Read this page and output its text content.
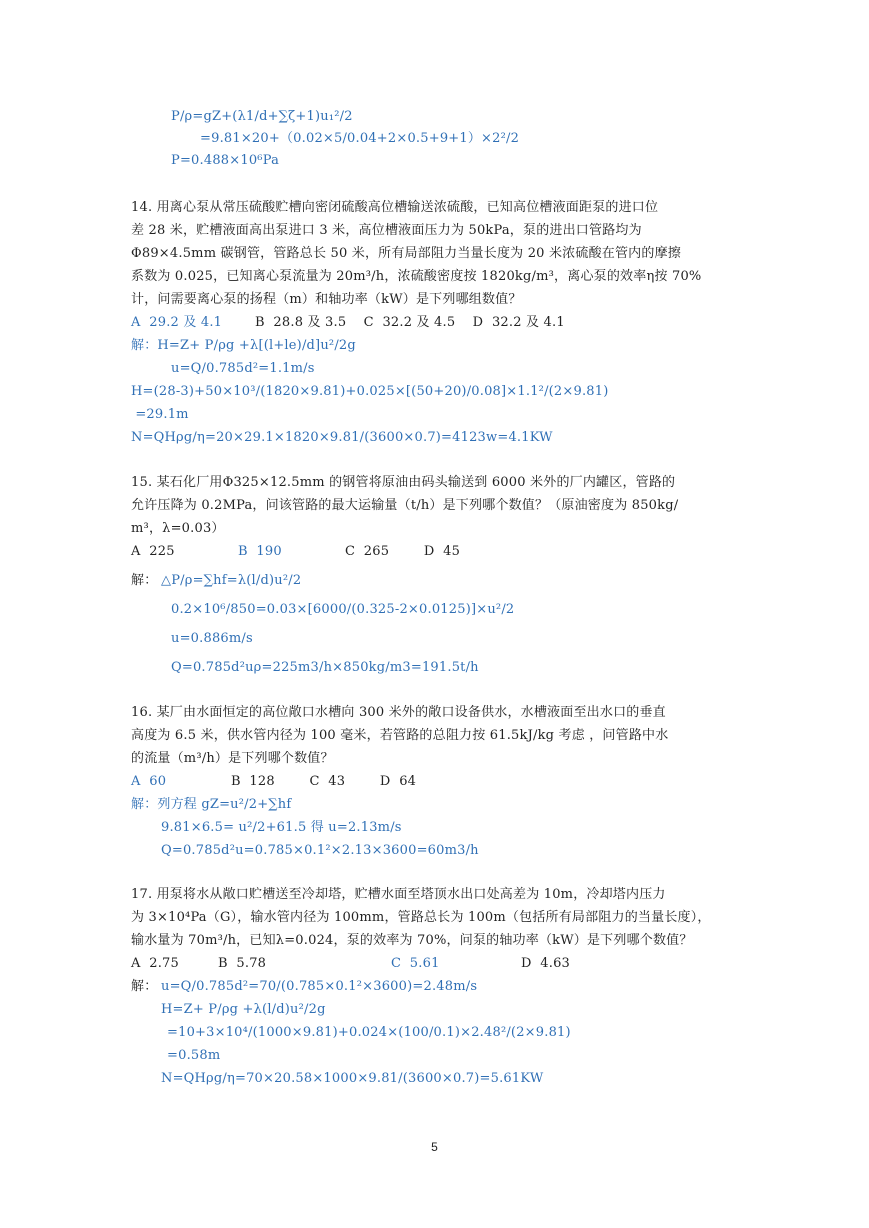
P/ρ=gZ+(λ1/d+∑ζ+1)u₁²/2
=9.81×20+（0.02×5/0.04+2×0.5+9+1）×2²/2
P=0.488×10⁶Pa
14. 用离心泵从常压硫酸贮槽向密闭硫酸高位槽输送浓硫酸，已知高位槽液面距泵的进口位
差 28 米，贮槽液面高出泵进口 3 米，高位槽液面压力为 50kPa，泵的进出口管路均为
Φ89×4.5mm 碳钢管，管路总长 50 米，所有局部阻力当量长度为 20 米浓硫酸在管内的摩擦
系数为 0.025，已知离心泵流量为 20m³/h，浓硫酸密度按 1820kg/m³，离心泵的效率η按 70%
计，问需要离心泵的扬程（m）和轴功率（kW）是下列哪组数值？
A  29.2 及 4.1	B  28.8 及 3.5    C  32.2 及 4.5    D  32.2 及 4.1
解：H=Z+ P/ρg +λ[(l+le)/d]u²/2g
u=Q/0.785d²=1.1m/s
H=(28-3)+50×10³/(1820×9.81)+0.025×[(50+20)/0.08]×1.1²/(2×9.81)
=29.1m
N=QHρg/η=20×29.1×1820×9.81/(3600×0.7)=4123w=4.1KW
15. 某石化厂用Φ325×12.5mm 的钢管将原油由码头输送到 6000 米外的厂内罐区，管路的
允许压降为 0.2MPa，问该管路的最大运输量（t/h）是下列哪个数值？（原油密度为 850kg/
m³，λ=0.03）
A  225	B  190	C  265        D  45
解： △P/ρ=∑hf=λ(l/d)u²/2
0.2×10⁶/850=0.03×[6000/(0.325-2×0.0125)]×u²/2
u=0.886m/s
Q=0.785d²uρ=225m3/h×850kg/m3=191.5t/h
16. 某厂由水面恒定的高位敞口水槽向 300 米外的敞口设备供水，水槽液面至出水口的垂直
高度为 6.5 米，供水管内径为 100 毫米，若管路的总阻力按 61.5kJ/kg 考虑 ，问管路中水
的流量（m³/h）是下列哪个数值？
A  60	B  128        C  43        D  64
解：列方程 gZ=u²/2+∑hf
9.81×6.5= u²/2+61.5 得 u=2.13m/s
Q=0.785d²u=0.785×0.1²×2.13×3600=60m3/h
17. 用泵将水从敞口贮槽送至冷却塔，贮槽水面至塔顶水出口处高差为 10m，冷却塔内压力
为 3×10⁴Pa（G），输水管内径为 100mm，管路总长为 100m（包括所有局部阻力的当量长度），
输水量为 70m³/h，已知λ=0.024，泵的效率为 70%，问泵的轴功率（kW）是下列哪个数值？
A  2.75         B  5.78	C  5.61	D  4.63
解： u=Q/0.785d²=70/(0.785×0.1²×3600)=2.48m/s
H=Z+ P/ρg +λ(l/d)u²/2g
=10+3×10⁴/(1000×9.81)+0.024×(100/0.1)×2.48²/(2×9.81)
=0.58m
N=QHρg/η=70×20.58×1000×9.81/(3600×0.7)=5.61KW
5
